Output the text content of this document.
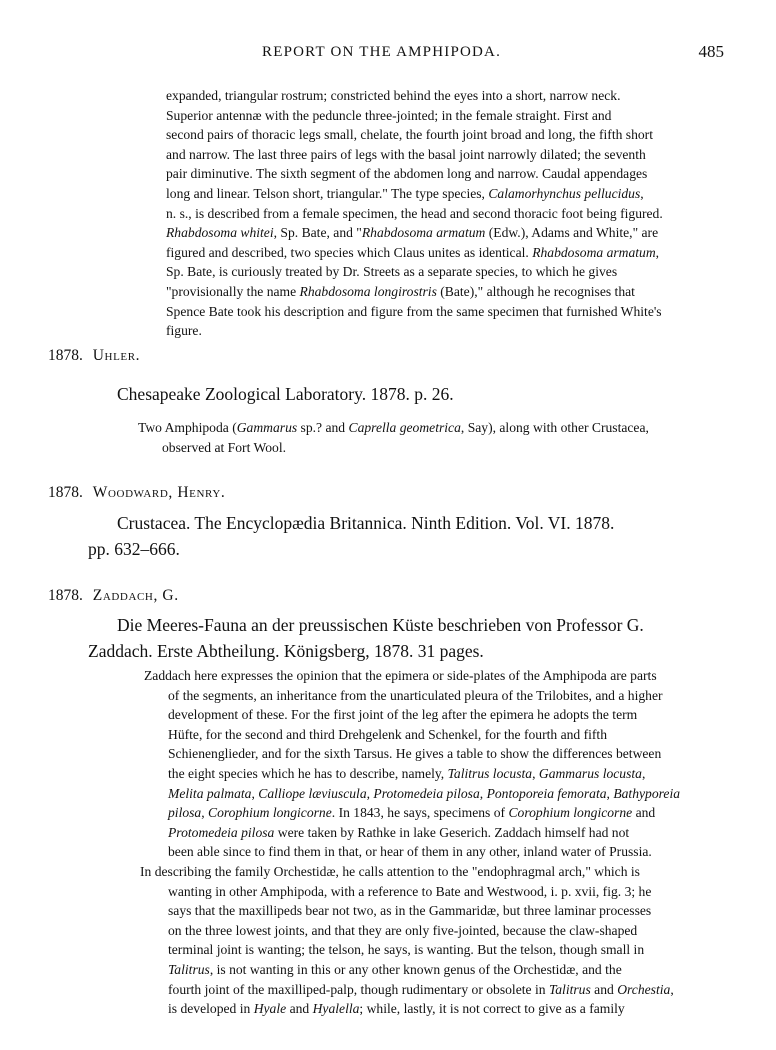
REPORT ON THE AMPHIPODA.	485

expanded, triangular rostrum; constricted behind the eyes into a short, narrow neck.

Superior antennæ with the peduncle three-jointed; in the female straight. First and

second pairs of thoracic legs small, chelate, the fourth joint broad and long, the fifth short

and narrow. The last three pairs of legs with the basal joint narrowly dilated; the seventh

pair diminutive. The sixth segment of the abdomen long and narrow. Caudal appendages

long and linear. Telson short, triangular." The type species, Calamorhynchus pellucidus,

n. s., is described from a female specimen, the head and second thoracic foot being figured.

Rhabdosoma whitei, Sp. Bate, and "Rhabdosoma armatum (Edw.), Adams and White," are

figured and described, two species which Claus unites as identical. Rhabdosoma armatum,

Sp. Bate, is curiously treated by Dr. Streets as a separate species, to which he gives

"provisionally the name Rhabdosoma longirostris (Bate)," although he recognises that

Spence Bate took his description and figure from the same specimen that furnished White's

figure.

1878. Uhler.

Chesapeake Zoological Laboratory. 1878. p. 26.

Two Amphipoda (Gammarus sp.? and Caprella geometrica, Say), along with other Crustacea,

observed at Fort Wool.

1878. Woodward, Henry.

Crustacea. The Encyclopædia Britannica. Ninth Edition. Vol. VI. 1878.

pp. 632–666.

1878. Zaddach, G.

Die Meeres-Fauna an der preussischen Küste beschrieben von Professor G.

Zaddach. Erste Abtheilung. Königsberg, 1878. 31 pages.

Zaddach here expresses the opinion that the epimera or side-plates of the Amphipoda are parts

of the segments, an inheritance from the unarticulated pleura of the Trilobites, and a higher

development of these. For the first joint of the leg after the epimera he adopts the term

Hüfte, for the second and third Drehgelenk and Schenkel, for the fourth and fifth

Schienenglieder, and for the sixth Tarsus. He gives a table to show the differences between

the eight species which he has to describe, namely, Talitrus locusta, Gammarus locusta,

Melita palmata, Calliope læviuscula, Protomedeia pilosa, Pontoporeia femorata, Bathyporeia

pilosa, Corophium longicorne. In 1843, he says, specimens of Corophium longicorne and

Protomedeia pilosa were taken by Rathke in lake Geserich. Zaddach himself had not

been able since to find them in that, or hear of them in any other, inland water of Prussia.

In describing the family Orchestidæ, he calls attention to the "endophragmal arch," which is

wanting in other Amphipoda, with a reference to Bate and Westwood, i. p. xvii, fig. 3; he

says that the maxillipeds bear not two, as in the Gammaridæ, but three laminar processes

on the three lowest joints, and that they are only five-jointed, because the claw-shaped

terminal joint is wanting; the telson, he says, is wanting. But the telson, though small in

Talitrus, is not wanting in this or any other known genus of the Orchestidæ, and the

fourth joint of the maxilliped-palp, though rudimentary or obsolete in Talitrus and Orchestia,

is developed in Hyale and Hyalella; while, lastly, it is not correct to give as a family
